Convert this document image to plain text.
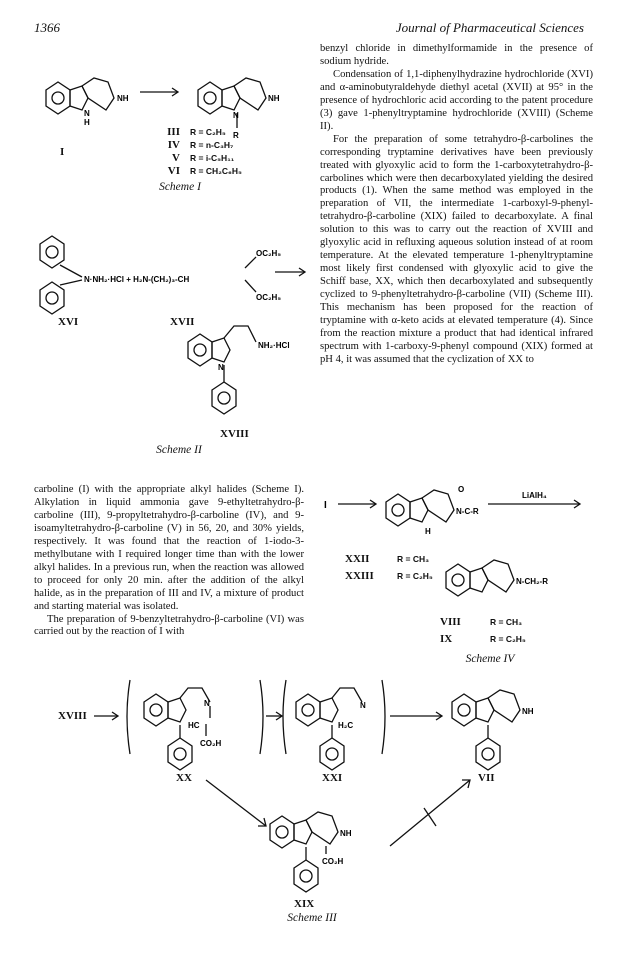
1366	Journal of Pharmaceutical Sciences
NH
N
H
NH
N
R
I
III R = C₂H₅
IV R = n-C₃H₇
V R = i-C₅H₁₁
VI R = CH₂C₆H₅
Scheme I
N·NH₂·HCl + H₂N-(CH₂)₃-CH
OC₂H₅
OC₂H₅
NH₂·HCl
N
XVI	XVII
XVIII
Scheme II

carboline (I) with the appropriate alkyl halides (Scheme I). Alkylation in liquid ammonia gave 9-ethyltetrahydro-β-carboline (III), 9-propyltetrahydro-β-carboline (IV), and 9-isoamyltetrahydro-β-carboline (V) in 56, 20, and 30% yields, respectively. It was found that the reaction of 1-iodo-3-methylbutane with I required longer time than with the lower alkyl halides. In a previous run, when the reaction was allowed to proceed for only 20 min. after the addition of the alkyl halide, as in the preparation of III and IV, a mixture of product and starting material was isolated.

The preparation of 9-benzyltetrahydro-β-carboline (VI) was carried out by the reaction of I with

benzyl chloride in dimethylformamide in the presence of sodium hydride.

Condensation of 1,1-diphenylhydrazine hydrochloride (XVI) and α-aminobutyraldehyde diethyl acetal (XVII) at 95° in the presence of hydrochloric acid according to the patent procedure (3) gave 1-phenyltryptamine hydrochloride (XVIII) (Scheme II).

For the preparation of some tetrahydro-β-carbolines the corresponding tryptamine derivatives have been previously treated with glyoxylic acid to form the 1-carboxytetrahydro-β-carbolines which were then decarboxylated yielding the desired products (1). When the same method was employed in the preparation of VII, the intermediate 1-carboxyl-9-phenyl-tetrahydro-β-carboline (XIX) failed to decarboxylate. A final solution to this was to carry out the reaction of XVIII and glyoxylic acid in refluxing aqueous solution instead of at room temperature. At the elevated temperature 1-phenyltryptamine most likely first condensed with glyoxylic acid to give the Schiff base, XX, which then decarboxylated and subsequently cyclized to 9-phenyltetrahydro-β-carboline (VII) (Scheme III). This mechanism has been proposed for the reaction of tryptamine with α-keto acids at elevated temperature (4). Since from the reaction mixture a product that had identical infrared spectrum with 1-carboxy-9-phenyl compound (XIX) formed at pH 4, it was assumed that the cyclization of XX to

I
O
N-C-R
LiAlH₄
H
N-CH₂-R
XXII	R = CH₃
XXIII	R = C₂H₅
VIII	R = CH₃
IX	R = C₂H₅
Scheme IV
HC
N
CO₂H
H₂C
N
NH
NH
CO₂H
XVIII
XX	XXI	VII
XIX
Scheme III
